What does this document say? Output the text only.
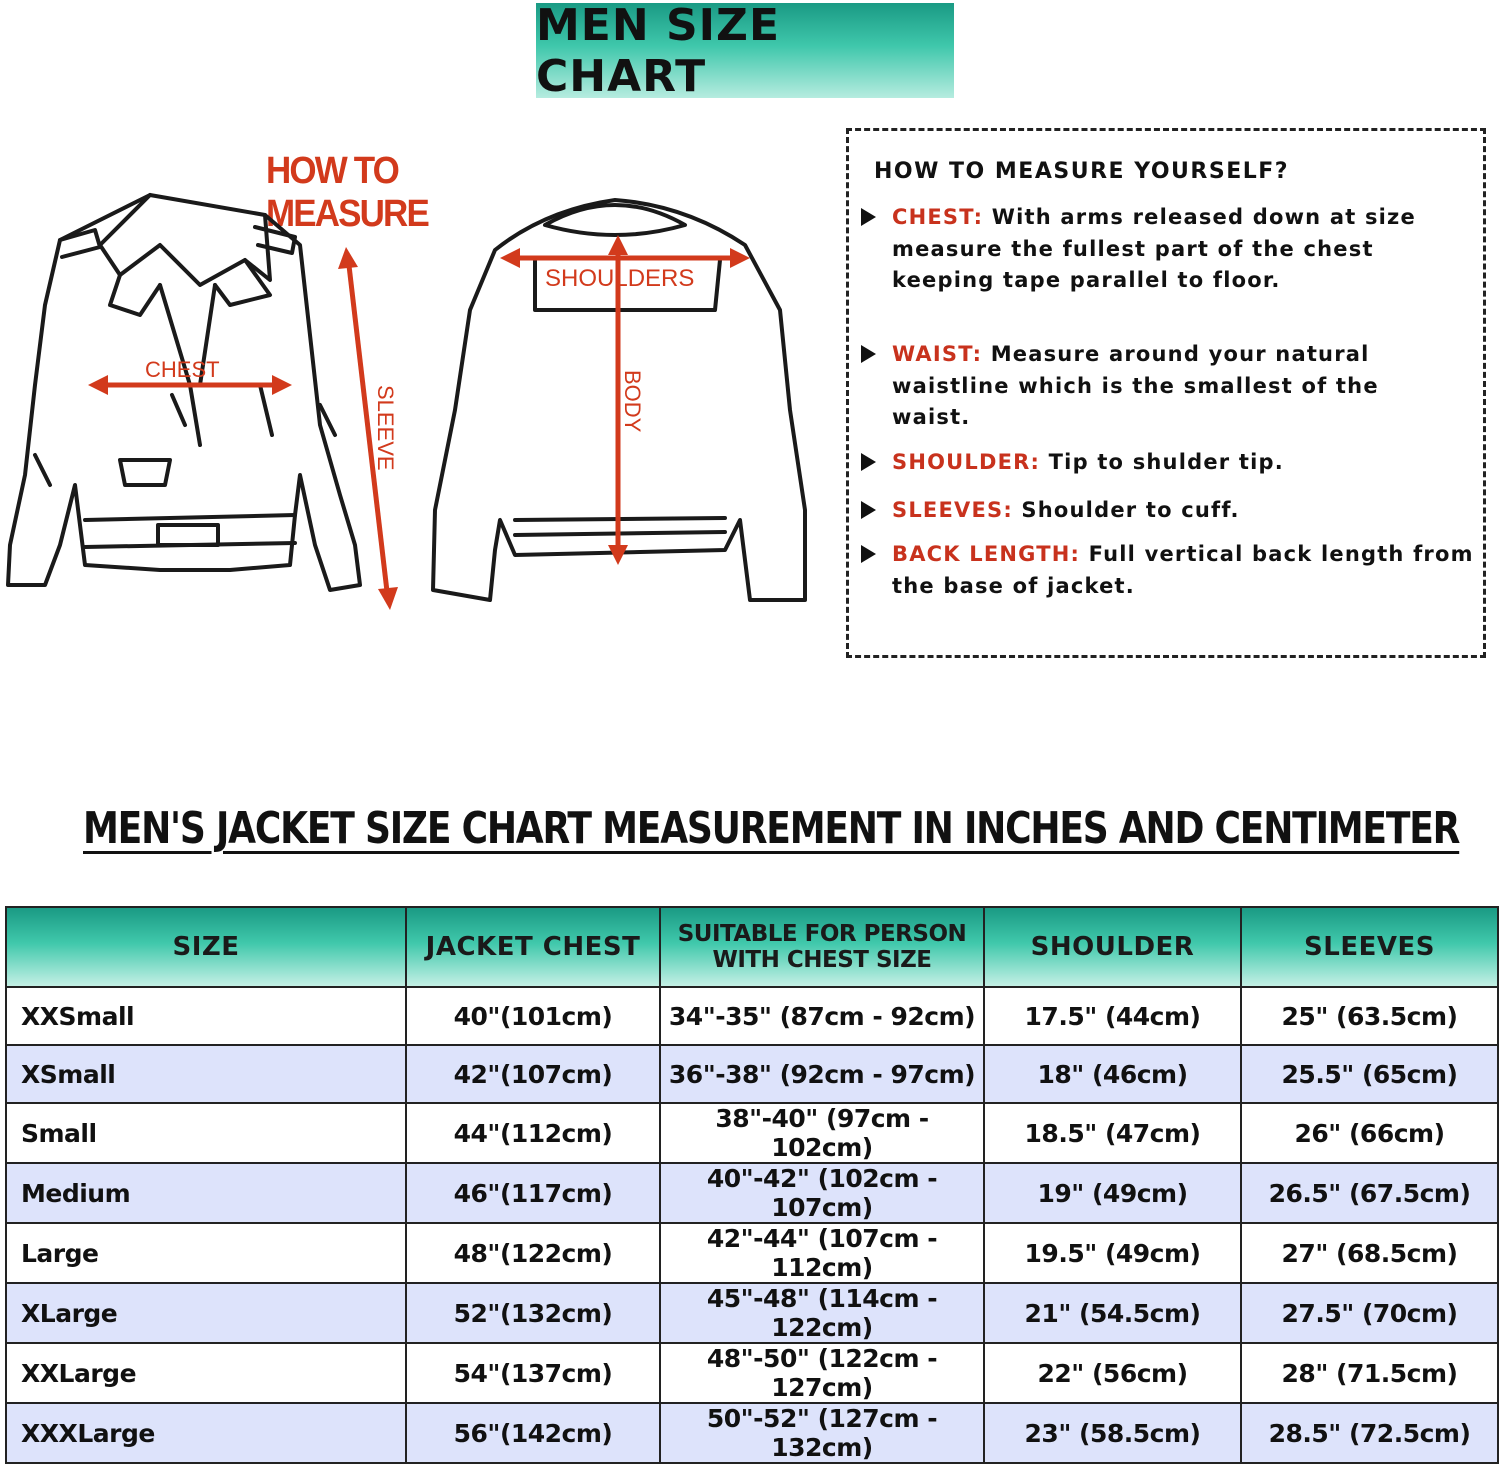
MEN SIZE CHART
HOW TO MEASURE
CHEST
SLEEVE
SHOULDERS
BODY
HOW TO MEASURE YOURSELF?
CHEST: With arms released down at size measure the fullest part of the chest keeping tape parallel to floor.
WAIST: Measure around your natural waistline which is the smallest of the waist.
SHOULDER: Tip to shulder tip.
SLEEVES: Shoulder to cuff.
BACK LENGTH: Full vertical back length from the base of jacket.
MEN'S JACKET SIZE CHART MEASUREMENT IN INCHES AND CENTIMETER
SIZE	JACKET CHEST	SUITABLE FOR PERSON WITH CHEST SIZE	SHOULDER	SLEEVES
XXSmall	40"(101cm)	34"-35" (87cm - 92cm)	17.5" (44cm)	25" (63.5cm)
XSmall	42"(107cm)	36"-38" (92cm - 97cm)	18" (46cm)	25.5" (65cm)
Small	44"(112cm)	38"-40" (97cm - 102cm)	18.5" (47cm)	26" (66cm)
Medium	46"(117cm)	40"-42" (102cm - 107cm)	19" (49cm)	26.5" (67.5cm)
Large	48"(122cm)	42"-44" (107cm - 112cm)	19.5" (49cm)	27" (68.5cm)
XLarge	52"(132cm)	45"-48" (114cm - 122cm)	21" (54.5cm)	27.5" (70cm)
XXLarge	54"(137cm)	48"-50" (122cm - 127cm)	22" (56cm)	28" (71.5cm)
XXXLarge	56"(142cm)	50"-52" (127cm - 132cm)	23" (58.5cm)	28.5" (72.5cm)
